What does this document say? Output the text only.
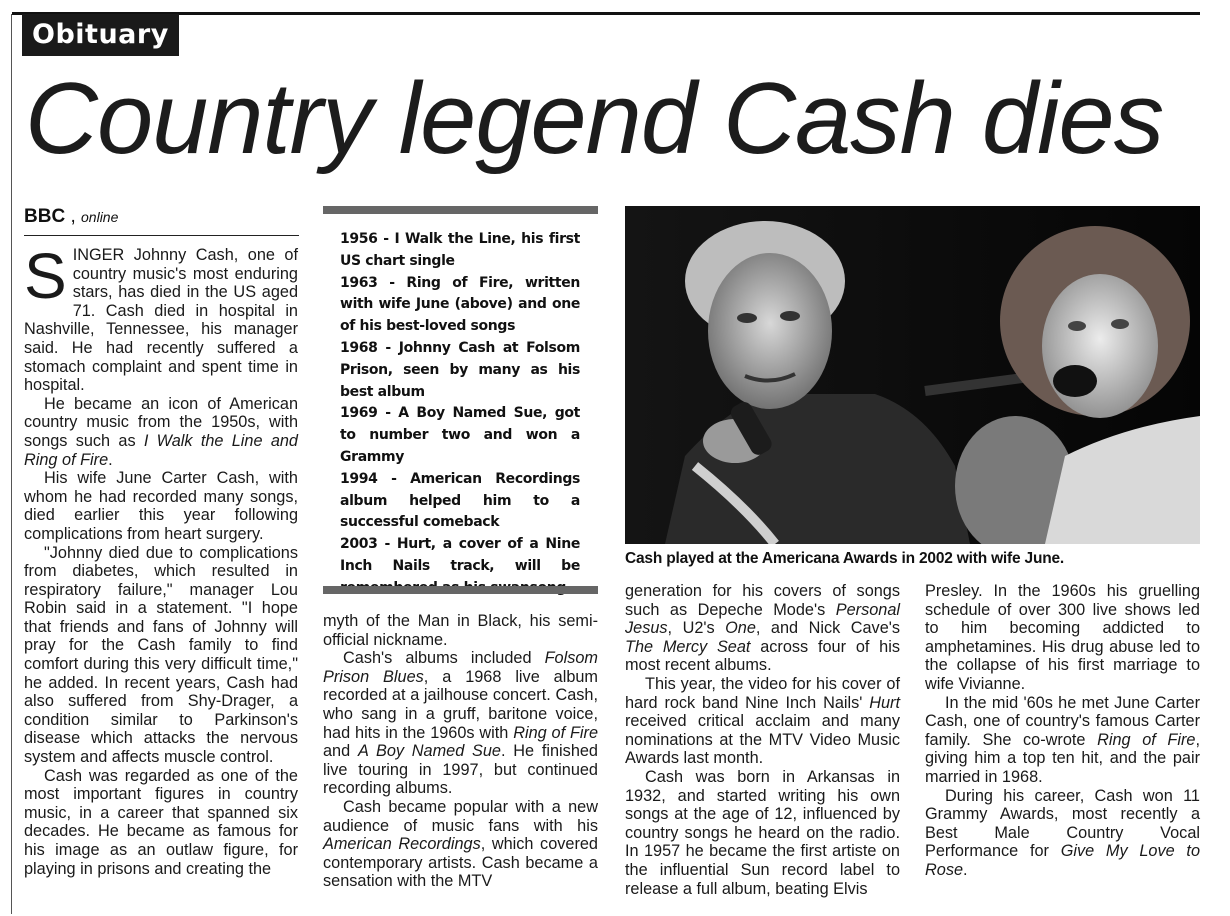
Obituary
Country legend Cash dies
BBC , online

SINGER Johnny Cash, one of country music's most enduring stars, has died in the US aged 71. Cash died in hospital in Nashville, Tennessee, his manager said. He had recently suffered a stomach complaint and spent time in hospital.

He became an icon of American country music from the 1950s, with songs such as I Walk the Line and Ring of Fire.

His wife June Carter Cash, with whom he had recorded many songs, died earlier this year following complications from heart surgery.

"Johnny died due to complications from diabetes, which resulted in respiratory failure," manager Lou Robin said in a statement. "I hope that friends and fans of Johnny will pray for the Cash family to find comfort during this very difficult time," he added. In recent years, Cash had also suffered from Shy-Drager, a condition similar to Parkinson's disease which attacks the nervous system and affects muscle control.

Cash was regarded as one of the most important figures in country music, in a career that spanned six decades. He became as famous for his image as an outlaw figure, for playing in prisons and creating the

1956 - I Walk the Line, his first US chart single

1963 - Ring of Fire, written with wife June (above) and one of his best-loved songs

1968 - Johnny Cash at Folsom Prison, seen by many as his best album

1969 - A Boy Named Sue, got to number two and won a Grammy

1994 - American Recordings album helped him to a successful comeback

2003 - Hurt, a cover of a Nine Inch Nails track, will be

myth of the Man in Black, his semi-official nickname.

Cash's albums included Folsom Prison Blues, a 1968 live album recorded at a jailhouse concert. Cash, who sang in a gruff, baritone voice, had hits in the 1960s with Ring of Fire and A Boy Named Sue. He finished live touring in 1997, but continued recording albums.

Cash became popular with a new audience of music fans with his American Recordings, which covered contemporary artists. Cash became a sensation with the MTV

Cash played at the Americana Awards in 2002 with wife June.

generation for his covers of songs such as Depeche Mode's Personal Jesus, U2's One, and Nick Cave's The Mercy Seat across four of his most recent albums.

This year, the video for his cover of hard rock band Nine Inch Nails' Hurt received critical acclaim and many nominations at the MTV Video Music Awards last month.

Cash was born in Arkansas in 1932, and started writing his own songs at the age of 12, influenced by country songs he heard on the radio. In 1957 he became the first artiste on the influential Sun record label to release a full album, beating Elvis

Presley. In the 1960s his gruelling schedule of over 300 live shows led to him becoming addicted to amphetamines. His drug abuse led to the collapse of his first marriage to wife Vivianne.

In the mid '60s he met June Carter Cash, one of country's famous Carter family. She co-wrote Ring of Fire, giving him a top ten hit, and the pair married in 1968.

During his career, Cash won 11 Grammy Awards, most recently a Best Male Country Vocal Performance for Give My Love to Rose.
